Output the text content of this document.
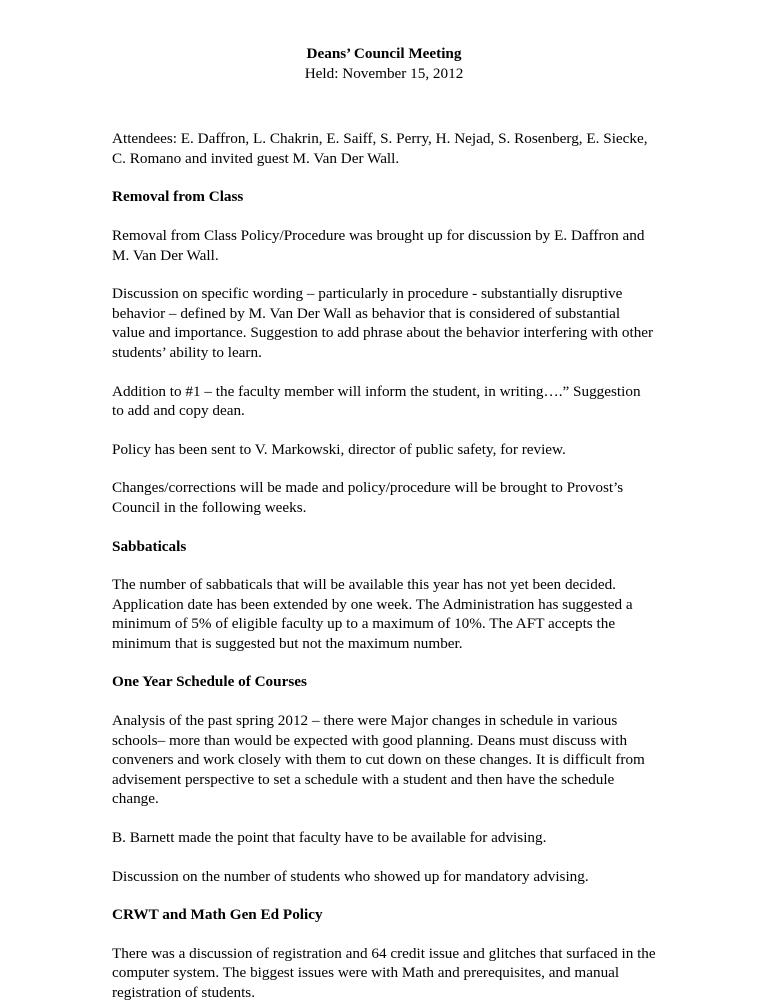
Deans’ Council Meeting
Held: November 15, 2012

Attendees: E. Daffron, L. Chakrin, E. Saiff, S. Perry, H. Nejad, S. Rosenberg, E. Siecke, C. Romano and invited guest M. Van Der Wall.

Removal from Class

Removal from Class Policy/Procedure was brought up for discussion by E. Daffron and M. Van Der Wall.

Discussion on specific wording – particularly in procedure - substantially disruptive behavior – defined by M. Van Der Wall as behavior that is considered of substantial value and importance. Suggestion to add phrase about the behavior interfering with other students’ ability to learn.

Addition to #1 – the faculty member will inform the student, in writing….” Suggestion to add and copy dean.

Policy has been sent to V. Markowski, director of public safety, for review.

Changes/corrections will be made and policy/procedure will be brought to Provost’s Council in the following weeks.

Sabbaticals

The number of sabbaticals that will be available this year has not yet been decided. Application date has been extended by one week. The Administration has suggested a minimum of 5% of eligible faculty up to a maximum of 10%. The AFT accepts the minimum that is suggested but not the maximum number.

One Year Schedule of Courses

Analysis of the past spring 2012 – there were Major changes in schedule in various schools– more than would be expected with good planning. Deans must discuss with conveners and work closely with them to cut down on these changes. It is difficult from advisement perspective to set a schedule with a student and then have the schedule change.

B. Barnett made the point that faculty have to be available for advising.

Discussion on the number of students who showed up for mandatory advising.

CRWT and Math Gen Ed Policy

There was a discussion of registration and 64 credit issue and glitches that surfaced in the computer system. The biggest issues were with Math and prerequisites, and manual registration of students.
